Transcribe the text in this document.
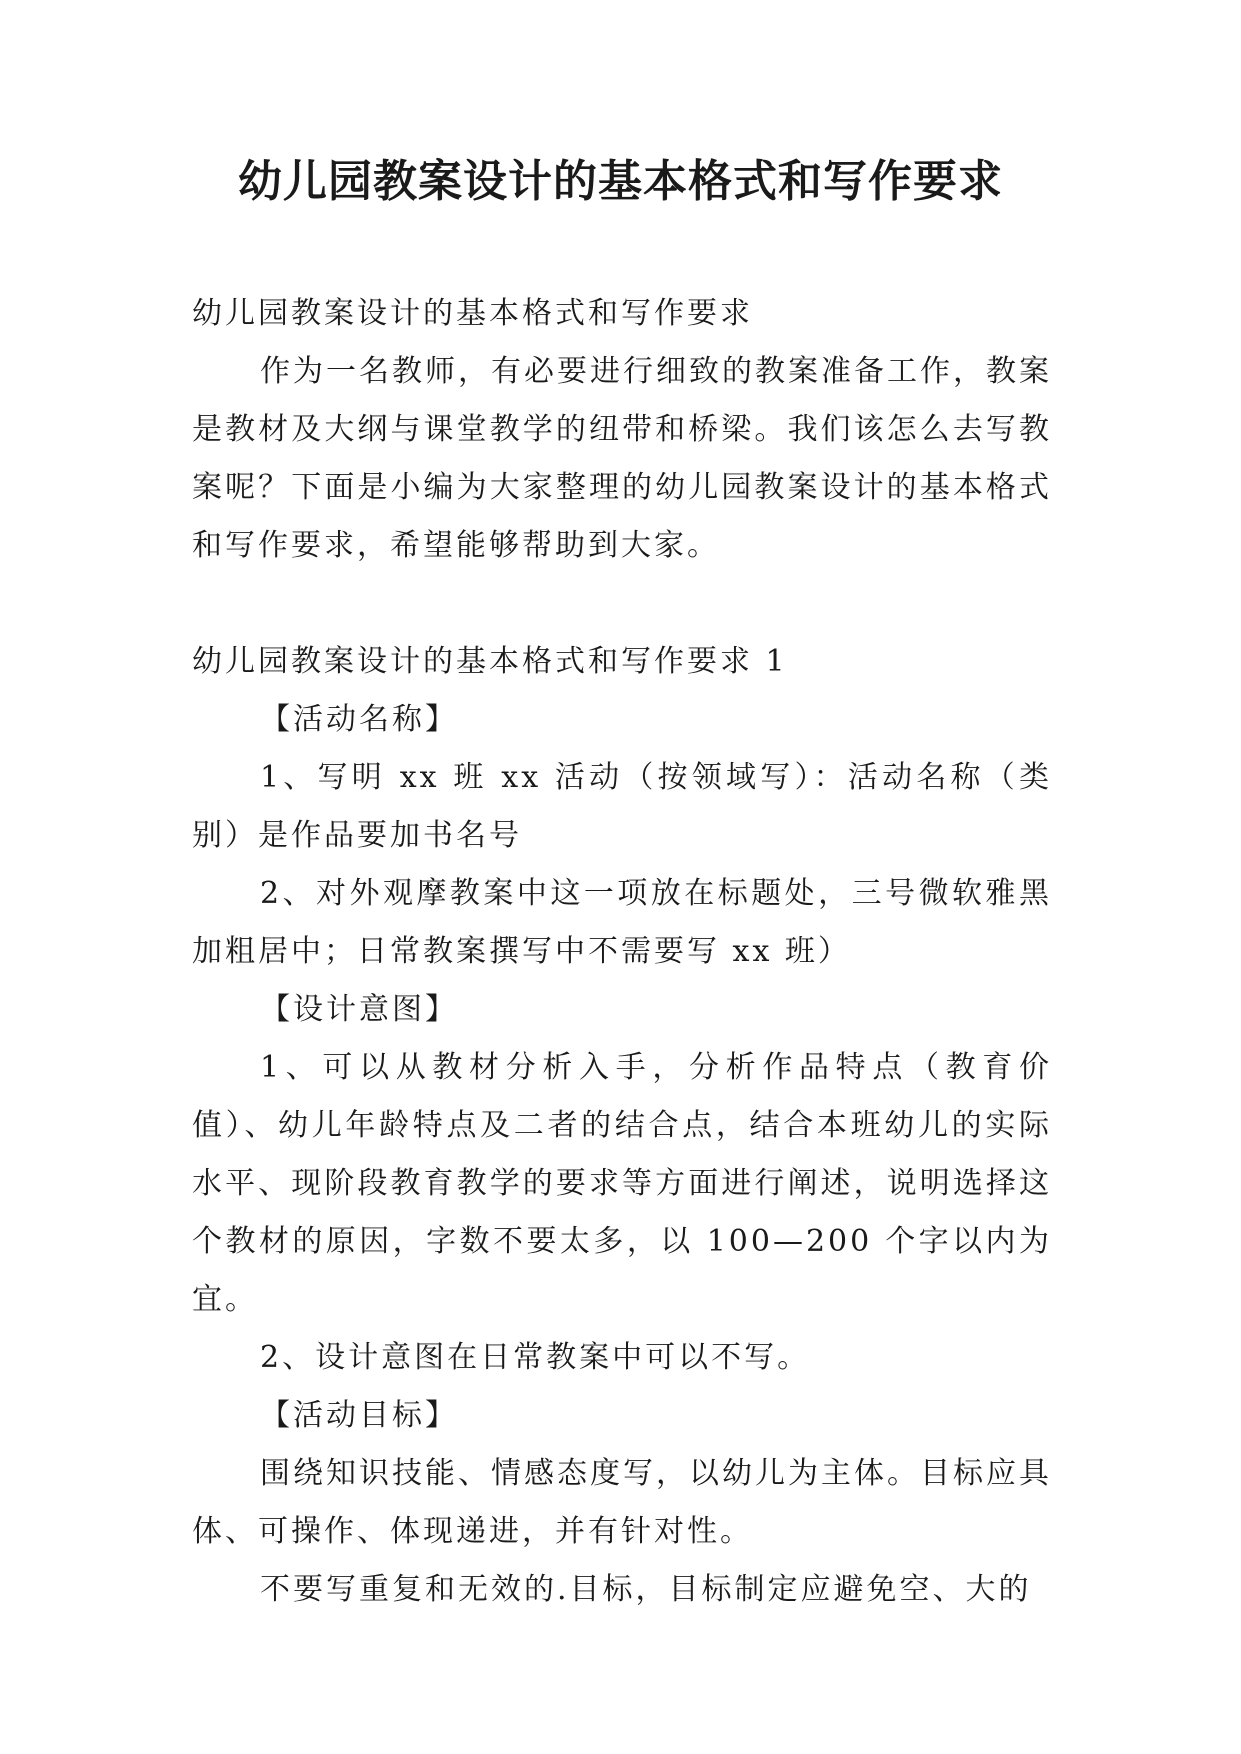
幼儿园教案设计的基本格式和写作要求

幼儿园教案设计的基本格式和写作要求

作为一名教师，有必要进行细致的教案准备工作，教案是教材及大纲与课堂教学的纽带和桥梁。我们该怎么去写教案呢？下面是小编为大家整理的幼儿园教案设计的基本格式和写作要求，希望能够帮助到大家。

幼儿园教案设计的基本格式和写作要求 1

【活动名称】

1、写明 xx 班 xx 活动（按领域写）：活动名称（类别）是作品要加书名号

2、对外观摩教案中这一项放在标题处，三号微软雅黑加粗居中；日常教案撰写中不需要写 xx 班）

【设计意图】

1、可以从教材分析入手，分析作品特点（教育价值）、幼儿年龄特点及二者的结合点，结合本班幼儿的实际水平、现阶段教育教学的要求等方面进行阐述，说明选择这个教材的原因，字数不要太多，以 100—200 个字以内为宜。

2、设计意图在日常教案中可以不写。

【活动目标】

围绕知识技能、情感态度写，以幼儿为主体。目标应具体、可操作、体现递进，并有针对性。

不要写重复和无效的.目标，目标制定应避免空、大的
